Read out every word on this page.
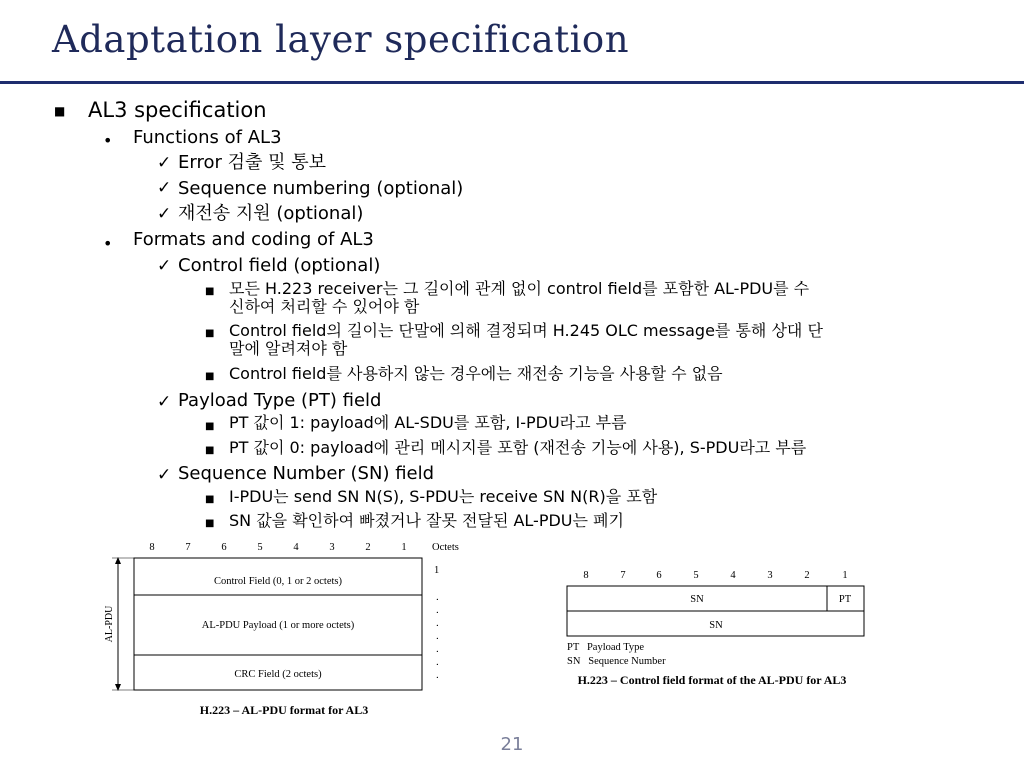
Adaptation layer specification
■ AL3 specification
• Functions of AL3
✓ Error 검출 및 통보
✓ Sequence numbering (optional)
✓ 재전송 지원 (optional)
• Formats and coding of AL3
✓ Control field (optional)
■ 모든 H.223 receiver는 그 길이에 관계 없이 control field를 포함한 AL-PDU를 수
신하여 처리할 수 있어야 함
■ Control field의 길이는 단말에 의해 결정되며 H.245 OLC message를 통해 상대 단
말에 알려져야 함
■ Control field를 사용하지 않는 경우에는 재전송 기능을 사용할 수 없음
✓ Payload Type (PT) field
■ PT 값이 1: payload에 AL-SDU를 포함, I-PDU라고 부름
■ PT 값이 0: payload에 관리 메시지를 포함 (재전송 기능에 사용), S-PDU라고 부름
✓ Sequence Number (SN) field
■ I-PDU는 send SN N(S), S-PDU는 receive SN N(R)을 포함
■ SN 값을 확인하여 빠졌거나 잘못 전달된 AL-PDU는 폐기
8	7	6	5	4	3	2	1 Octets
1
.
.
.
.
.
.
.
Control Field (0, 1 or 2 octets)
AL-PDU Payload (1 or more octets)
CRC Field (2 octets)
AL-PDU
H.223 – AL-PDU format for AL3
8	7	6	5	4	3	2	1
SN	PT
SN
PT   Payload Type
SN   Sequence Number
H.223 – Control field format of the AL-PDU for AL3
21
